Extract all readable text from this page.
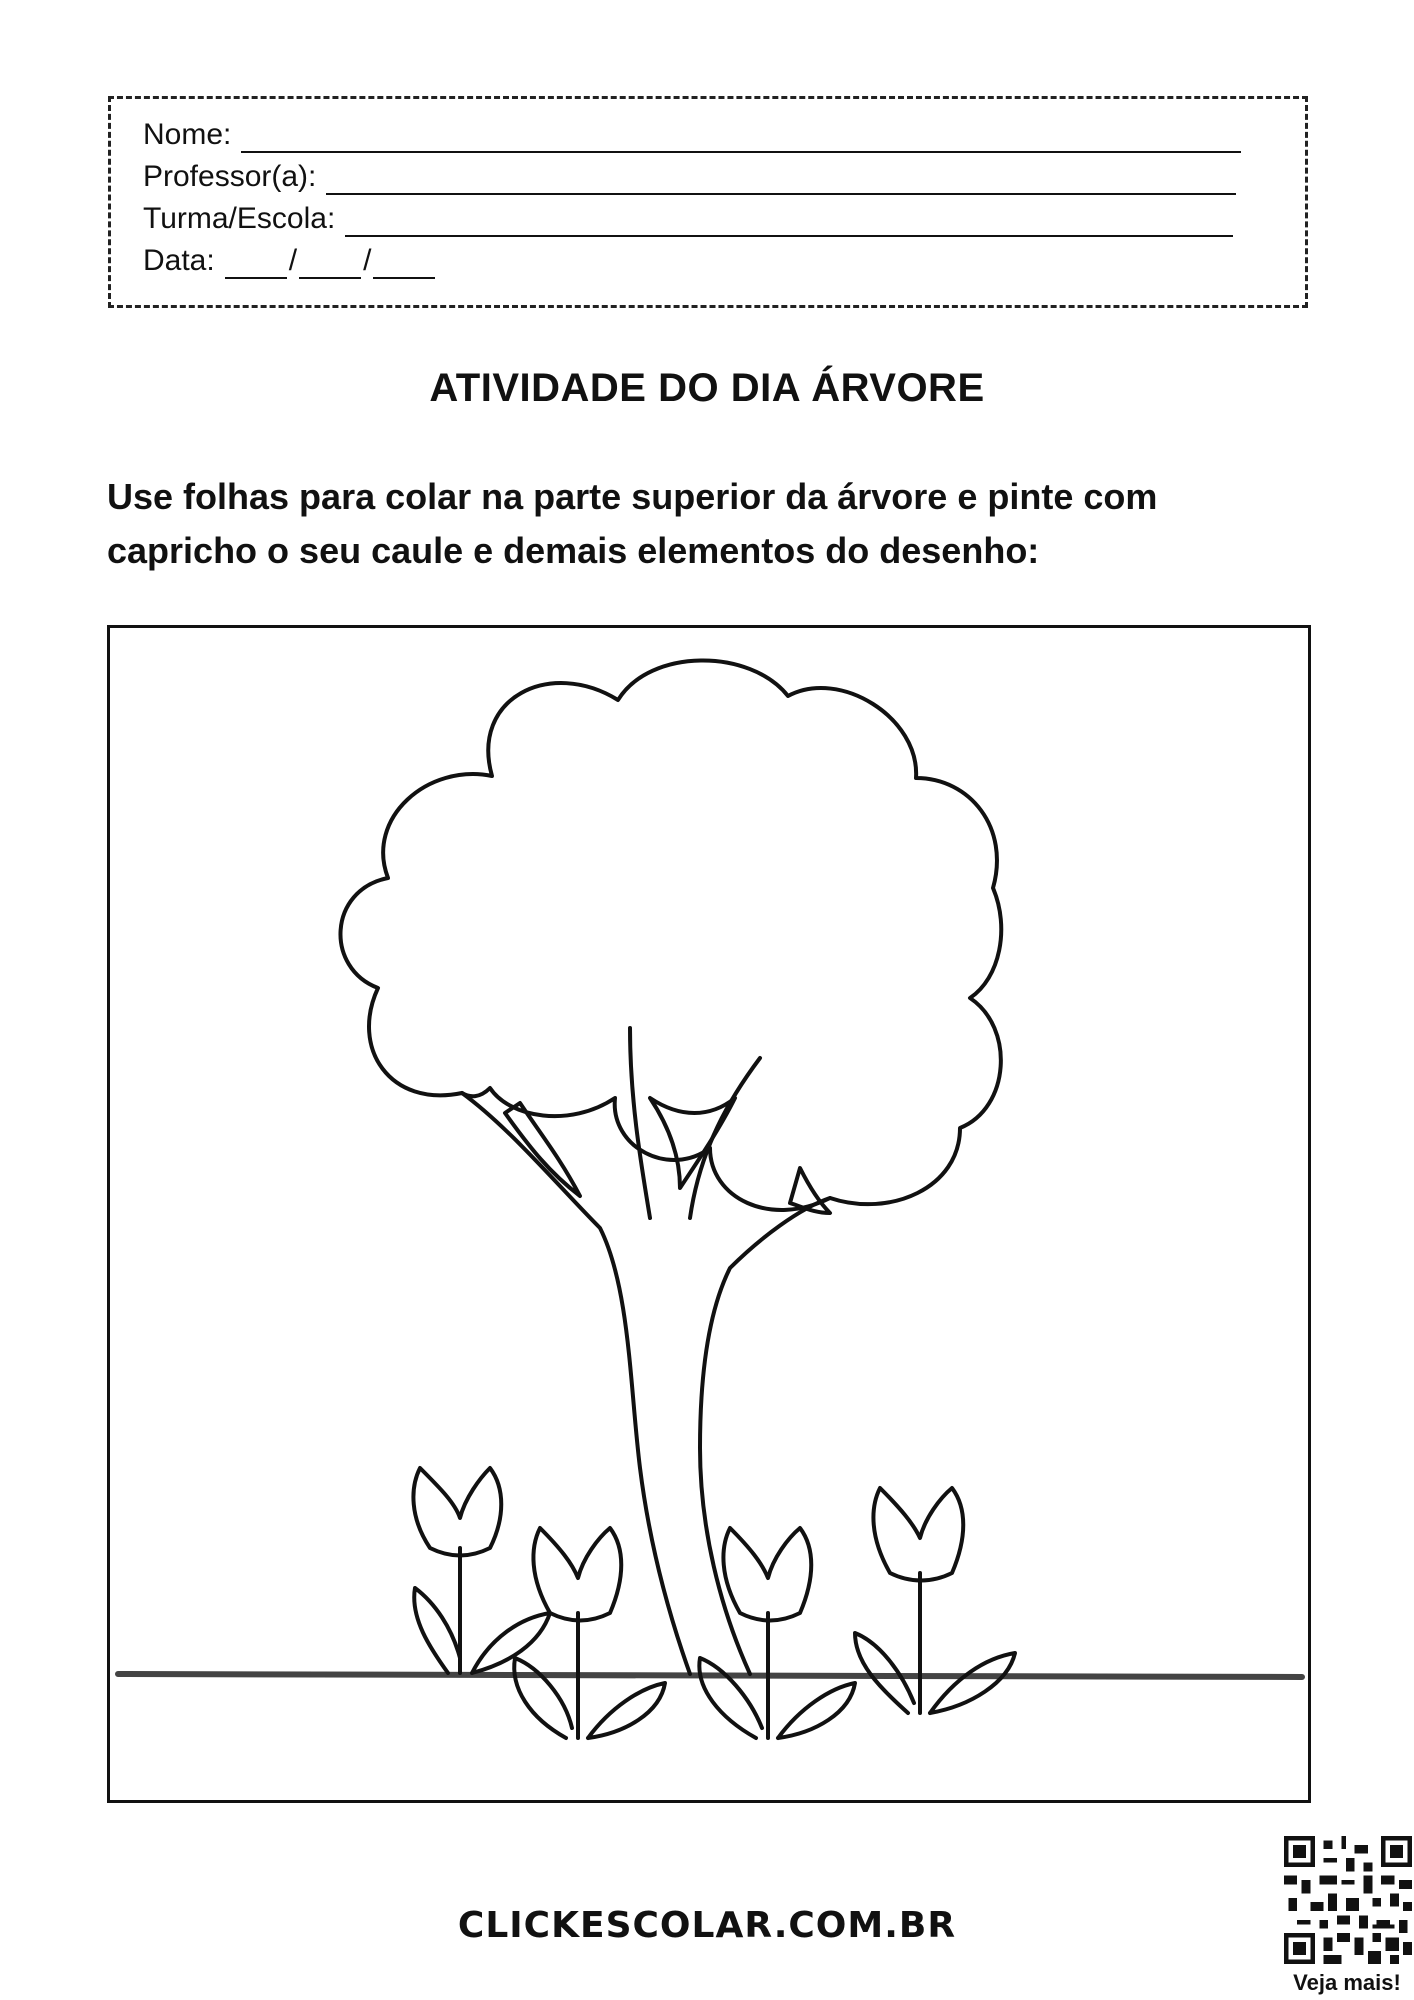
Nome:
Professor(a):
Turma/Escola:
Data: / /
ATIVIDADE DO DIA ÁRVORE
Use folhas para colar na parte superior da árvore e pinte com capricho o seu caule e demais elementos do desenho:
CLICKESCOLAR.COM.BR
Veja mais!
